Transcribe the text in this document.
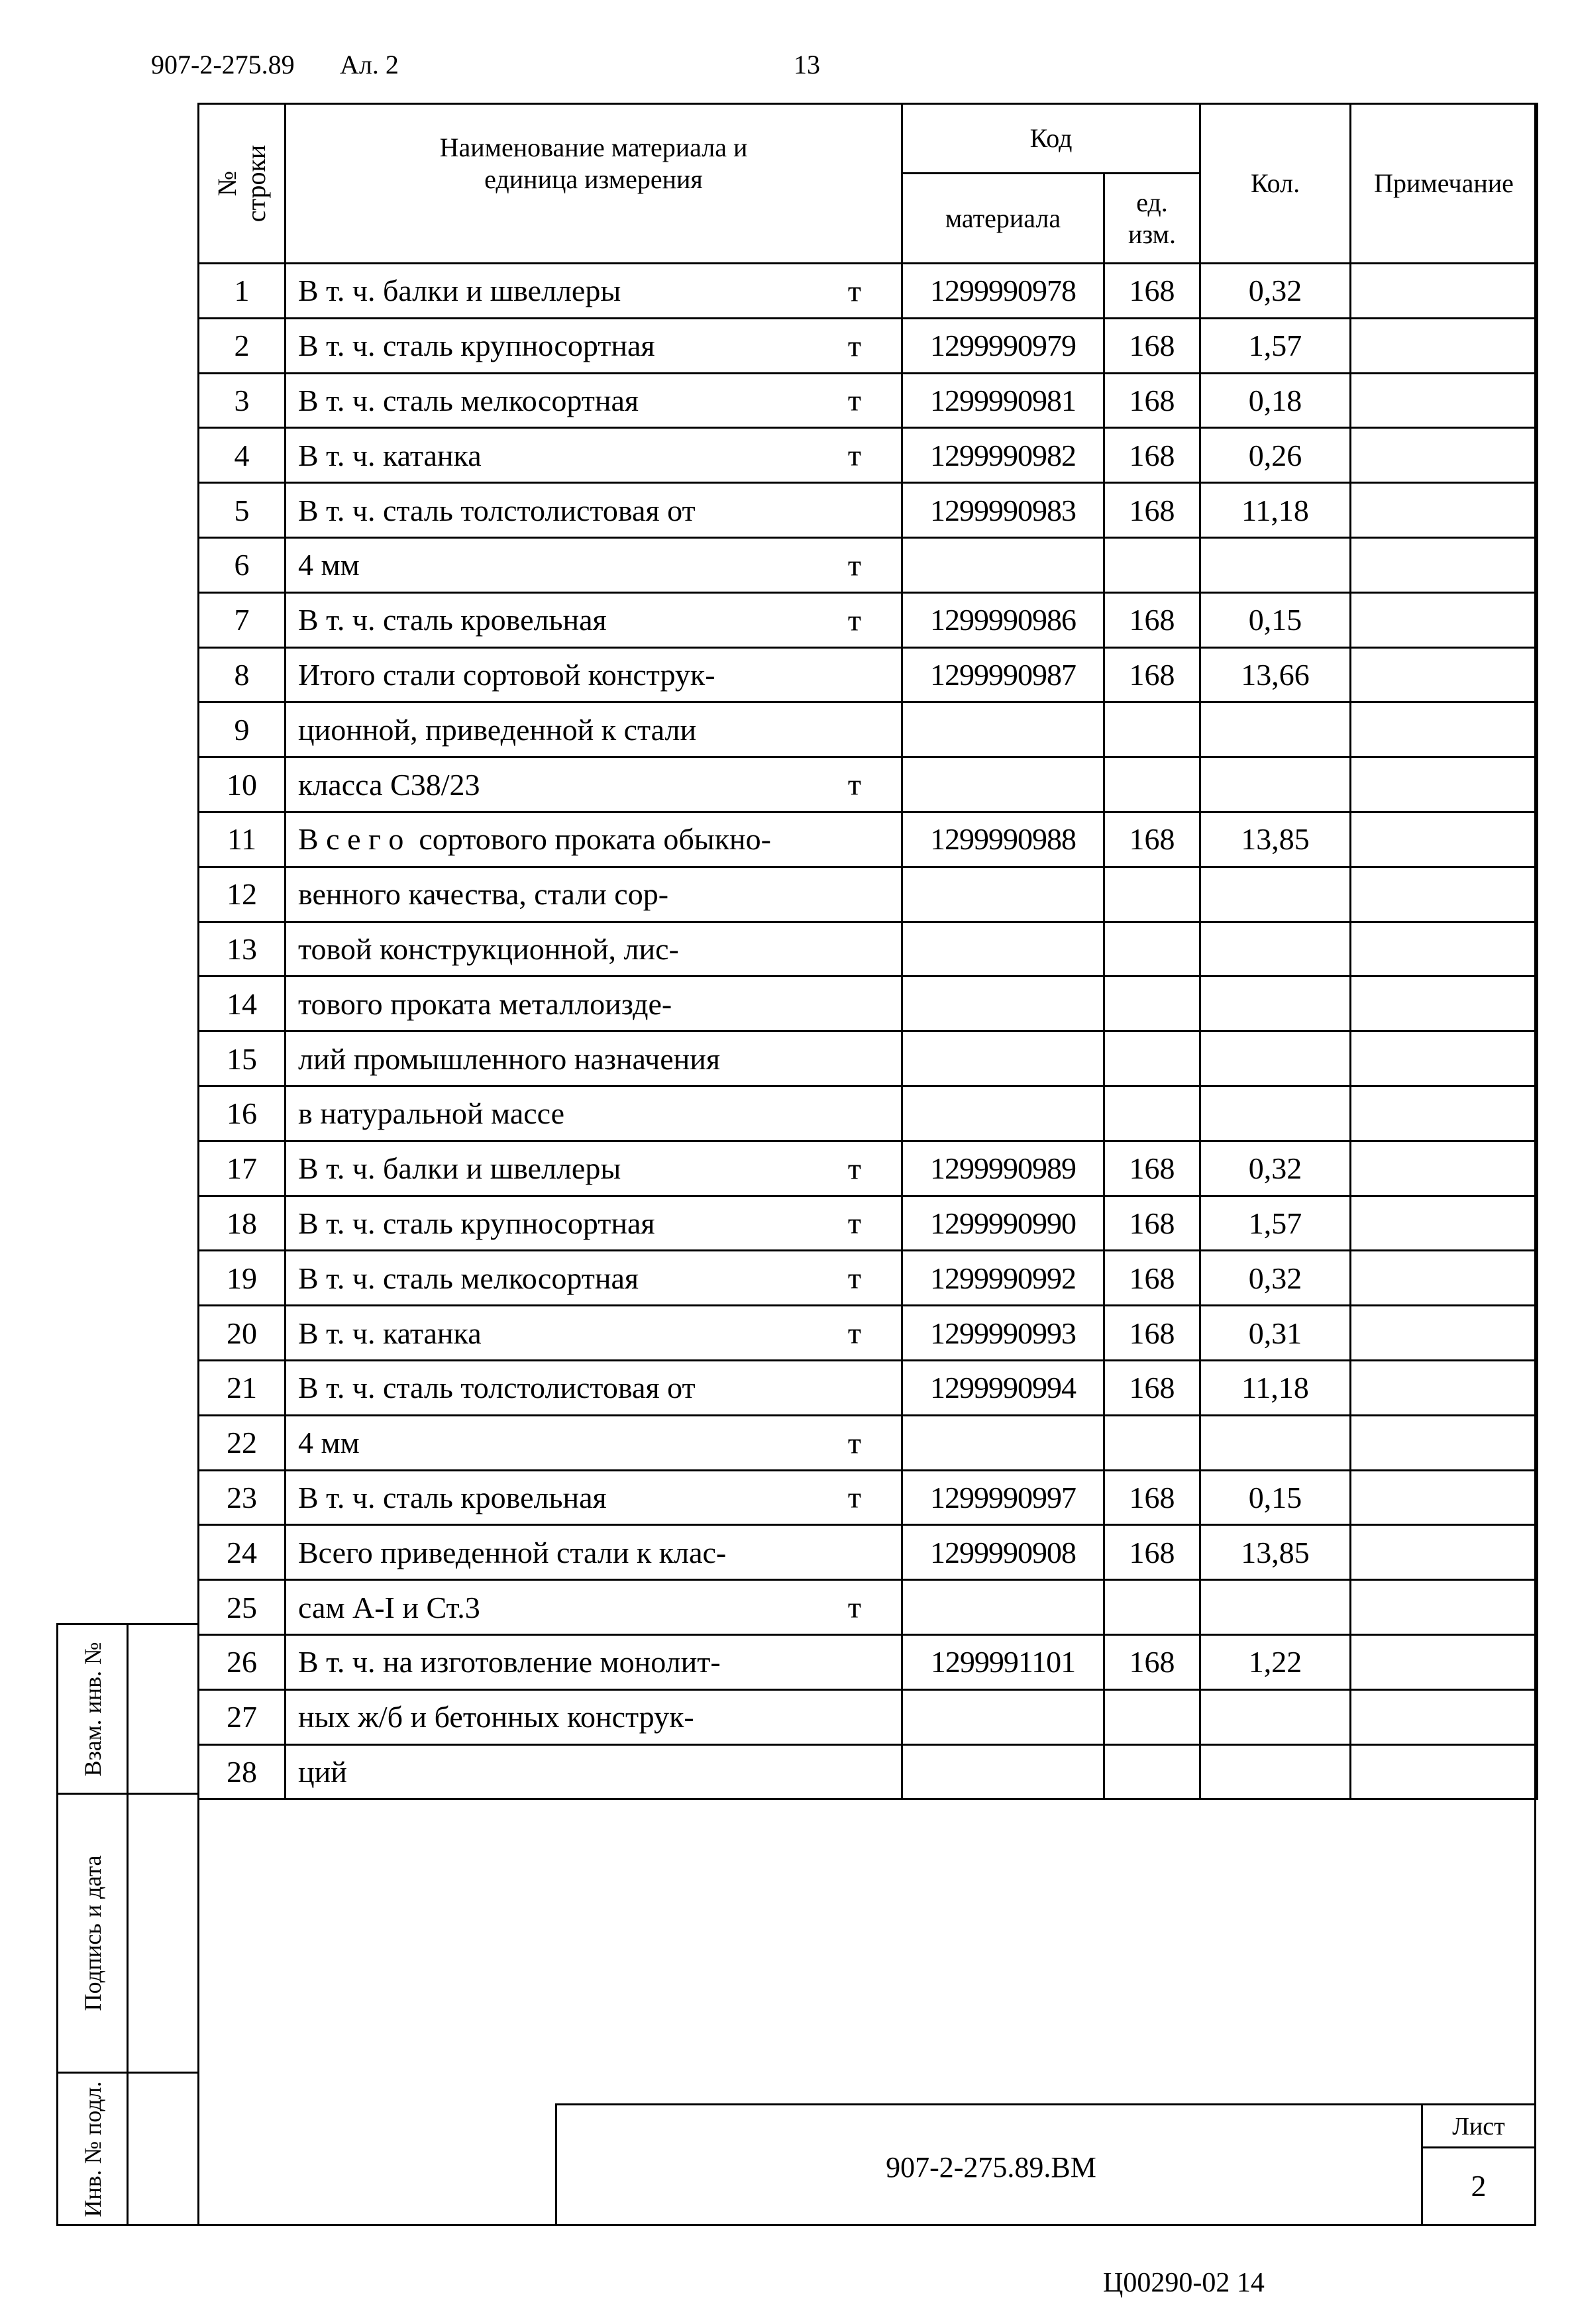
907-2-275.89 Ал. 2	13
№ строки	Наименование материала и единица измерения	Код		Кол.	Примечание
		материала	ед. изм.		

1	В т. ч. балки и швеллеры т	1299990978	168	0,32	
2	В т. ч. сталь крупносортная т	1299990979	168	1,57	
3	В т. ч. сталь мелкосортная т	1299990981	168	0,18	
4	В т. ч. катанка т	1299990982	168	0,26	
5	В т. ч. сталь толстолистовая от	1299990983	168	11,18	
6	4 мм т				

7	В т. ч. сталь кровельная т	1299990986	168	0,15	
8	Итого стали сортовой конструк-	1299990987	168	13,66	
9	ционной, приведенной к стали

10	класса С38/23 т				

11	В с е г о  сортового проката обыкно-	1299990988	168	13,85	
12	венного качества, стали сор-

13	товой конструкционной, лис-

14	тового проката металлоизде-

15	лий промышленного назначения

16	в натуральной массе

17	В т. ч. балки и швеллеры т	1299990989	168	0,32	
18	В т. ч. сталь крупносортная т	1299990990	168	1,57	
19	В т. ч. сталь мелкосортная т	1299990992	168	0,32	
20	В т. ч. катанка т	1299990993	168	0,31	
21	В т. ч. сталь толстолистовая от	1299990994	168	11,18	
22	4 мм т				

23	В т. ч. сталь кровельная т	1299990997	168	0,15	
24	Всего приведенной стали к клас-	1299990908	168	13,85	
25	сам А-I и Ст.3 т				

26	В т. ч. на изготовление монолит-	1299991101	168	1,22	
27	ных ж/б и бетонных конструк-

28	ций

Взам. инв. №
Подпись и дата
Инв. № подл.	907-2-275.89.ВМ
Лист
2
Ц00290-02 14
